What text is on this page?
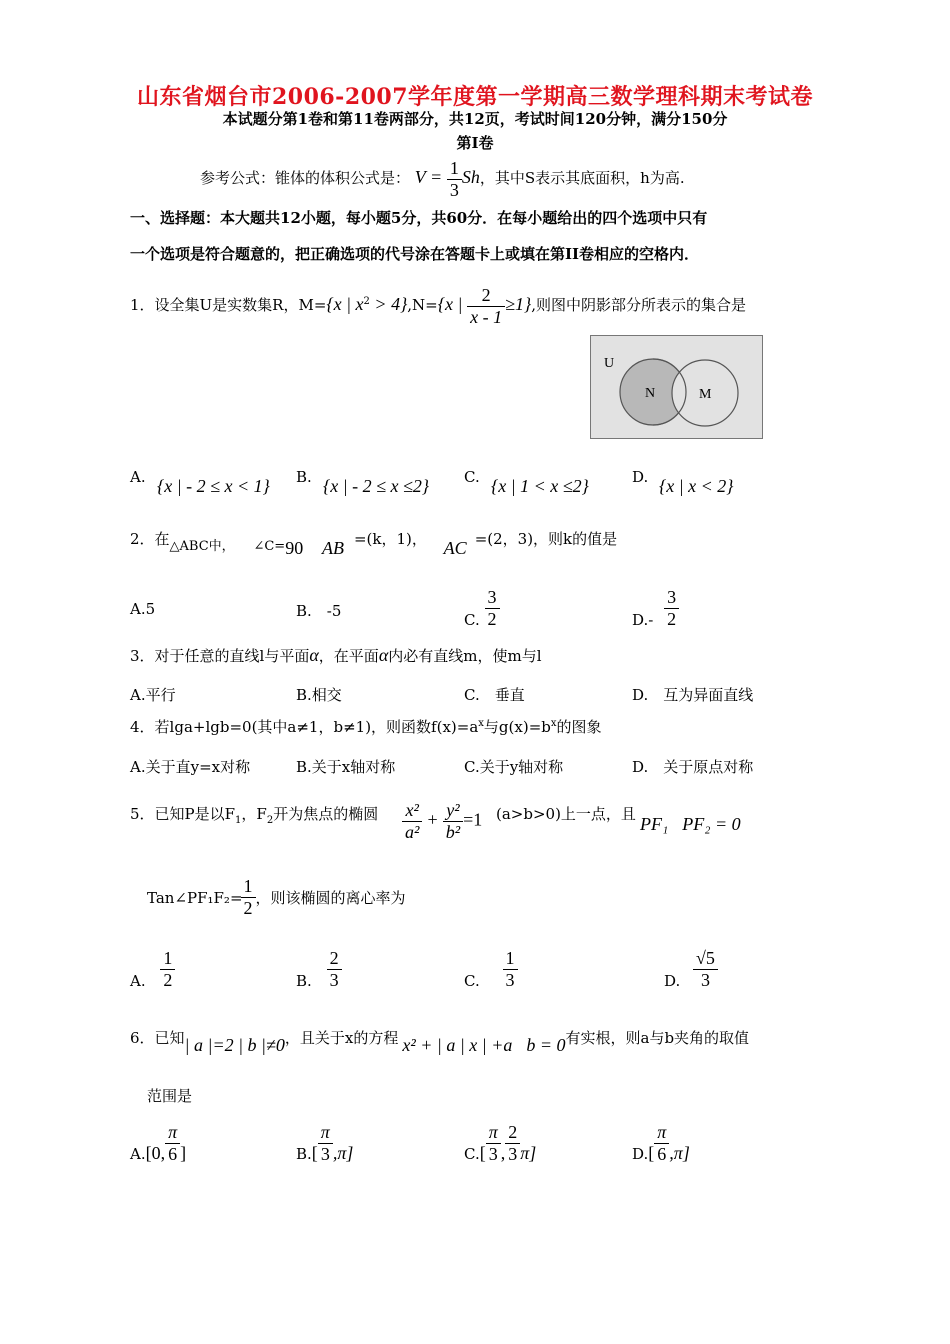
山东省烟台市2006-2007学年度第一学期高三数学理科期末考试卷
本试题分第1卷和第11卷两部分，共12页，考试时间120分钟，满分150分
第I卷
参考公式：锥体的体积公式是： $V = \frac{1}{3}$ Sh，其中S表示其底面积，h为高.
一、选择题：本大题共12小题，每小题5分，共60分．在每小题给出的四个选项中只有
一个选项是符合题意的，把正确选项的代号涂在答题卡上或填在第II卷相应的空格内．
1．设全集U是实数集R，M={x | $x^2 > 4\},N=\{x$ | $\frac{2}{x - 1} \ge 1$},则图中阴影部分所表示的集合是
U
N	M
A. {x | - 2 ≤ x < 1} B. {x | - 2 ≤ x ≤2} C. {x | 1 < x ≤2}	D. {x | x < 2}
2．在△ABC中， ∠C=90 AB =(k，1)， AC =(2，3)，则k的值是
A.5	B.　-5
C. $\frac{3}{2}$	$D.- \frac{3}{2}$
3．对于任意的直线l与平面α，在平面α内必有直线m，使m与l
A.平行	B.相交	C.　垂直	D.　互为异面直线
4．若lga+lgb=0(其中a≠1，b≠1)，则函数$f(x)=a^x$与$g(x)=b^x$的图象
A.关于直y=x对称	B.关于x轴对称	C.关于y轴对称	D.　关于原点对称
5．已知P是以$F_1$，$F_2$开为焦点的椭圆 $\frac{\text{x²}}{\text{a²}} + \frac{\text{y²}}{\text{b²}} =1$ (a>b>0)上一点，且 PF₁⃞PF₂ = 0
Tan∠PF₁F₂=
$\frac{1}{2}$ ，则该椭圆的离心率为
A. $\frac{1}{2}$	B. $\frac{2}{3}$	C. $\frac{1}{3}$	D. $\frac{√5}{3}$
6．已知| a |=2 | b |≠0，且关于x的方程 x² + | a | x | +a⃞b = 0有实根，则a与b夹角的取值
范围是
A.[0, $\frac{\pi}{6}$ ]	$B.[ \frac{\pi}{3} ,\pi]$	$C.[ \frac{\pi}{3}$ , $\frac{2}{3} \pi$]	$D.[ \frac{\pi}{6} ,\pi]$
